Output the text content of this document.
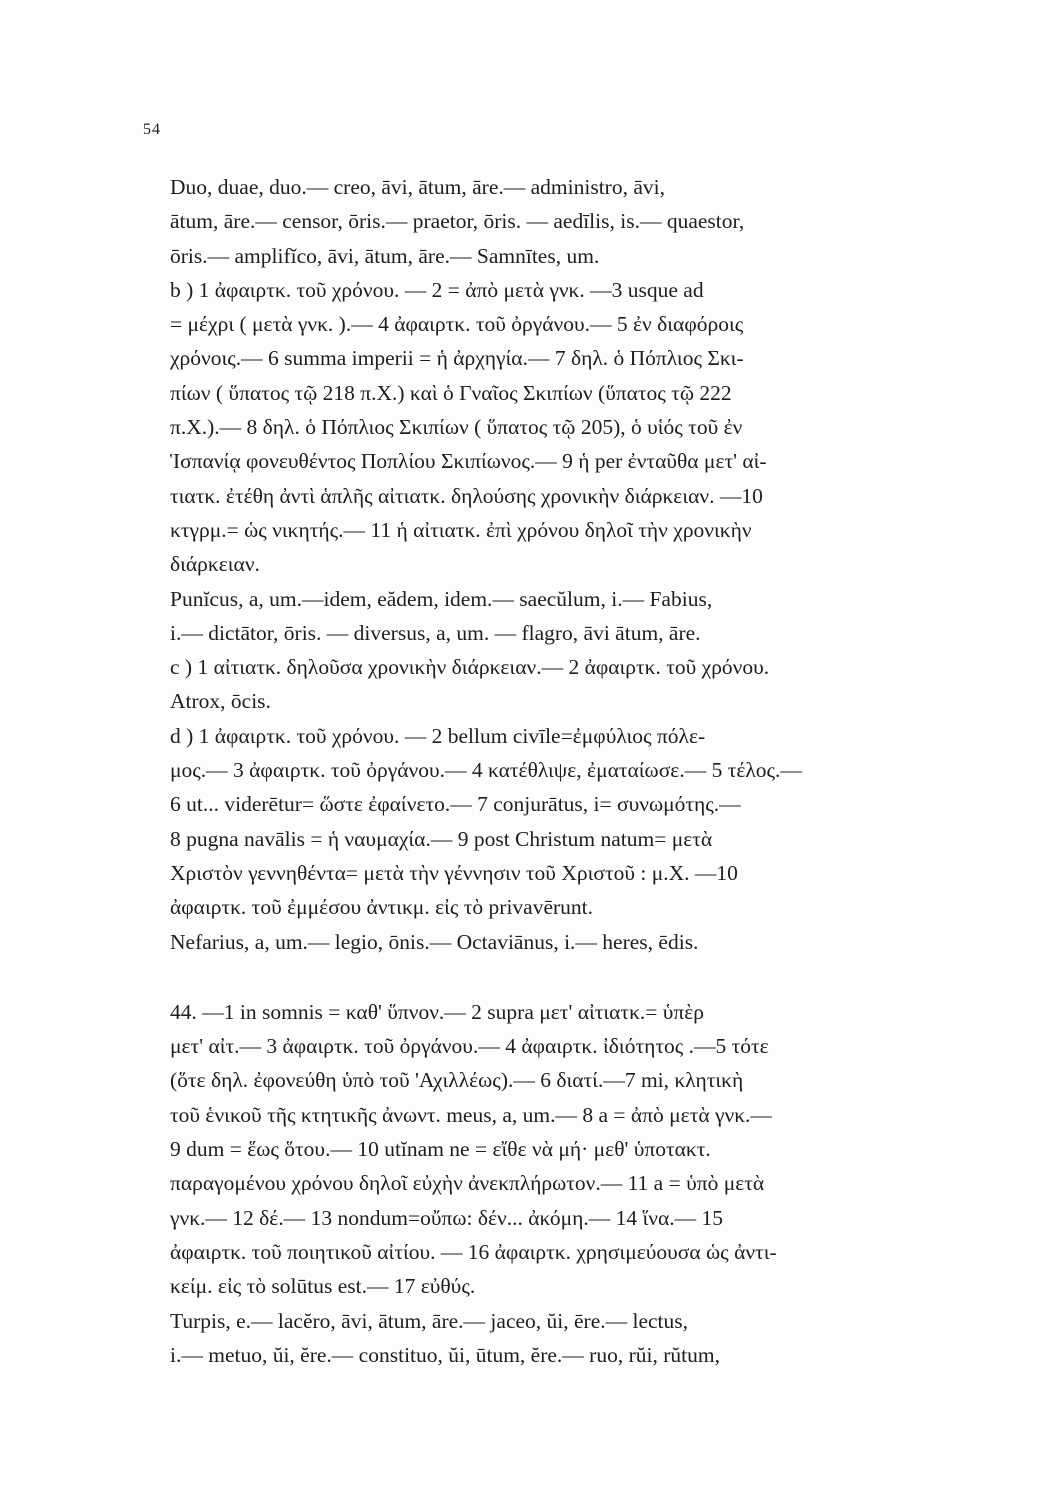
54
Duo, duae, duo.— creo, āvi, ātum, āre.— administro, āvi,
ātum, āre.— censor, ōris.— praetor, ōris. — aedīlis, is.— quaestor,
ōris.— amplifĭco, āvi, ātum, āre.— Samnītes, um.
b ) 1 ἀφαιρτκ. τοῦ χρόνου. — 2 = ἀπὸ μετὰ γνκ. —3 usque ad
= μέχρι ( μετὰ γνκ. ).— 4 ἀφαιρτκ. τοῦ ὀργάνου.— 5 ἐν διαφόροις
χρόνοις.— 6 summa imperii = ἡ ἀρχηγία.— 7 δηλ. ὁ Πόπλιος Σκι-
πίων ( ὕπατος τῷ 218 π.Χ.) καὶ ὁ Γναῖος Σκιπίων (ὕπατος τῷ 222
π.Χ.).— 8 δηλ. ὁ Πόπλιος Σκιπίων ( ὕπατος τῷ 205), ὁ υἱός τοῦ ἐν
Ἱσπανίᾳ φονευθέντος Ποπλίου Σκιπίωνος.— 9 ἡ per ἐνταῦθα μετ' αἰ-
τιατκ. ἐτέθη ἀντὶ ἁπλῆς αἰτιατκ. δηλούσης χρονικὴν διάρκειαν. —10
κτγρμ.= ὡς νικητής.— 11 ἡ αἰτιατκ. ἐπὶ χρόνου δηλοῖ τὴν χρονικὴν
διάρκειαν.
Punĭcus, a, um.—idem, eădem, idem.— saecŭlum, i.— Fabius,
i.— dictātor, ōris. — diversus, a, um. — flagro, āvi ātum, āre.
c ) 1 αἰτιατκ. δηλοῦσα χρονικὴν διάρκειαν.— 2 ἀφαιρτκ. τοῦ χρόνου.
Atrox, ōcis.
d ) 1 ἀφαιρτκ. τοῦ χρόνου. — 2 bellum civīle=ἐμφύλιος πόλε-
μος.— 3 ἀφαιρτκ. τοῦ ὀργάνου.— 4 κατέθλιψε, ἐματαίωσε.— 5 τέλος.—
6 ut... viderētur= ὥστε ἐφαίνετο.— 7 conjurātus, i= συνωμότης.—
8 pugna navālis = ἡ ναυμαχία.— 9 post Christum natum= μετὰ
Χριστὸν γεννηθέντα= μετὰ τὴν γέννησιν τοῦ Χριστοῦ : μ.Χ. —10
ἀφαιρτκ. τοῦ ἐμμέσου ἀντικμ. εἰς τὸ privavērunt.
Nefarius, a, um.— legio, ōnis.— Octaviānus, i.— heres, ēdis.
44. —1 in somnis = καθ' ὕπνον.— 2 supra μετ' αἰτιατκ.= ὑπὲρ
μετ' αἰτ.— 3 ἀφαιρτκ. τοῦ ὀργάνου.— 4 ἀφαιρτκ. ἰδιότητος .—5 τότε
(ὅτε δηλ. ἐφονεύθη ὑπὸ τοῦ 'Αχιλλέως).— 6 διατί.—7 mi, κλητικὴ
τοῦ ἑνικοῦ τῆς κτητικῆς ἀνωντ. meus, a, um.— 8 a = ἀπὸ μετὰ γνκ.—
9 dum = ἕως ὅτου.— 10 utĭnam ne = εἴθε νὰ μή· μεθ' ὑποτακτ.
παραγομένου χρόνου δηλοῖ εὐχὴν ἀνεκπλήρωτον.— 11 a = ὑπὸ μετὰ
γνκ.— 12 δέ.— 13 nondum=οὔπω: δέν... ἀκόμη.— 14 ἵνα.— 15
ἀφαιρτκ. τοῦ ποιητικοῦ αἰτίου. — 16 ἀφαιρτκ. χρησιμεύουσα ὡς ἀντι-
κείμ. εἰς τὸ solūtus est.— 17 εὐθύς.
Turpis, e.— lacĕro, āvi, ātum, āre.— jaceo, ŭi, ēre.— lectus,
i.— metuo, ŭi, ĕre.— constituo, ŭi, ūtum, ĕre.— ruo, rŭi, rŭtum,
